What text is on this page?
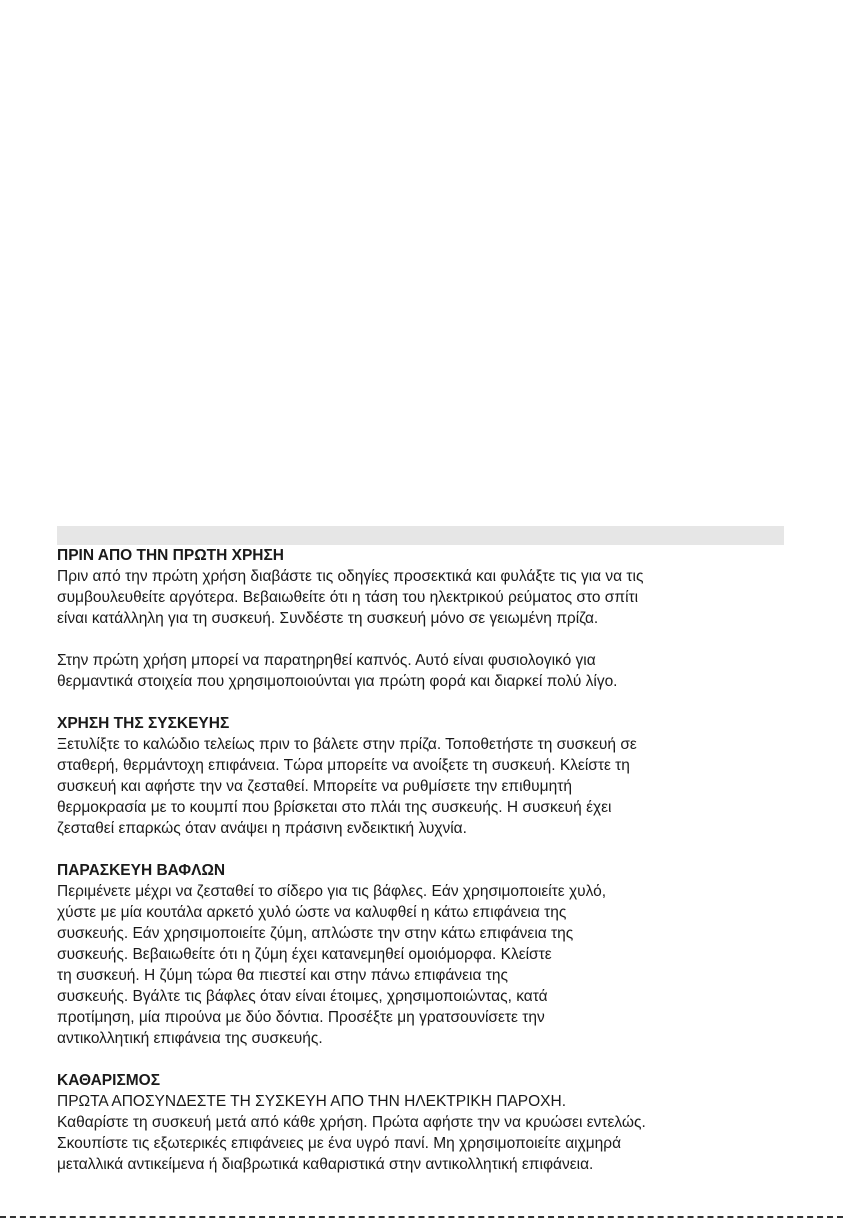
ΠΡΙΝ ΑΠΟ ΤΗΝ ΠΡΩΤΗ ΧΡΗΣΗ

Πριν από την πρώτη χρήση διαβάστε τις οδηγίες προσεκτικά και φυλάξτε τις για να τις

συμβουλευθείτε αργότερα. Βεβαιωθείτε ότι η τάση του ηλεκτρικού ρεύματος στο σπίτι

είναι κατάλληλη για τη συσκευή. Συνδέστε τη συσκευή μόνο σε γειωμένη πρίζα.

Στην πρώτη χρήση μπορεί να παρατηρηθεί καπνός. Αυτό είναι φυσιολογικό για

θερμαντικά στοιχεία που χρησιμοποιούνται για πρώτη φορά και διαρκεί πολύ λίγο.

ΧΡΗΣΗ ΤΗΣ ΣΥΣΚΕΥΗΣ

Ξετυλίξτε το καλώδιο τελείως πριν το βάλετε στην πρίζα. Τοποθετήστε τη συσκευή σε

σταθερή, θερμάντοχη επιφάνεια. Τώρα μπορείτε να ανοίξετε τη συσκευή. Κλείστε τη

συσκευή και αφήστε την να ζεσταθεί. Μπορείτε να ρυθμίσετε την επιθυμητή

θερμοκρασία με το κουμπί που βρίσκεται στο πλάι της συσκευής. Η συσκευή έχει

ζεσταθεί επαρκώς όταν ανάψει η πράσινη ενδεικτική λυχνία.

ΠΑΡΑΣΚΕΥΗ ΒΑΦΛΩΝ

Περιμένετε μέχρι να ζεσταθεί το σίδερο για τις βάφλες. Εάν χρησιμοποιείτε χυλό,

χύστε με μία κουτάλα αρκετό χυλό ώστε να καλυφθεί η κάτω επιφάνεια της

συσκευής. Εάν χρησιμοποιείτε ζύμη, απλώστε την στην κάτω επιφάνεια της

συσκευής. Βεβαιωθείτε ότι η ζύμη έχει κατανεμηθεί ομοιόμορφα. Κλείστε

τη συσκευή. Η ζύμη τώρα θα πιεστεί και στην πάνω επιφάνεια της

συσκευής. Βγάλτε τις βάφλες όταν είναι έτοιμες, χρησιμοποιώντας, κατά

προτίμηση, μία πιρούνα με δύο δόντια. Προσέξτε μη γρατσουνίσετε την

αντικολλητική επιφάνεια της συσκευής.

ΚΑΘΑΡΙΣΜΟΣ

ΠΡΩΤΑ ΑΠΟΣΥΝΔΕΣΤΕ ΤΗ ΣΥΣΚΕΥΗ ΑΠΟ ΤΗΝ ΗΛΕΚΤΡΙΚΗ ΠΑΡΟΧΗ.

Καθαρίστε τη συσκευή μετά από κάθε χρήση. Πρώτα αφήστε την να κρυώσει εντελώς.

Σκουπίστε τις εξωτερικές επιφάνειες με ένα υγρό πανί. Μη χρησιμοποιείτε αιχμηρά

μεταλλικά αντικείμενα ή διαβρωτικά καθαριστικά στην αντικολλητική επιφάνεια.
